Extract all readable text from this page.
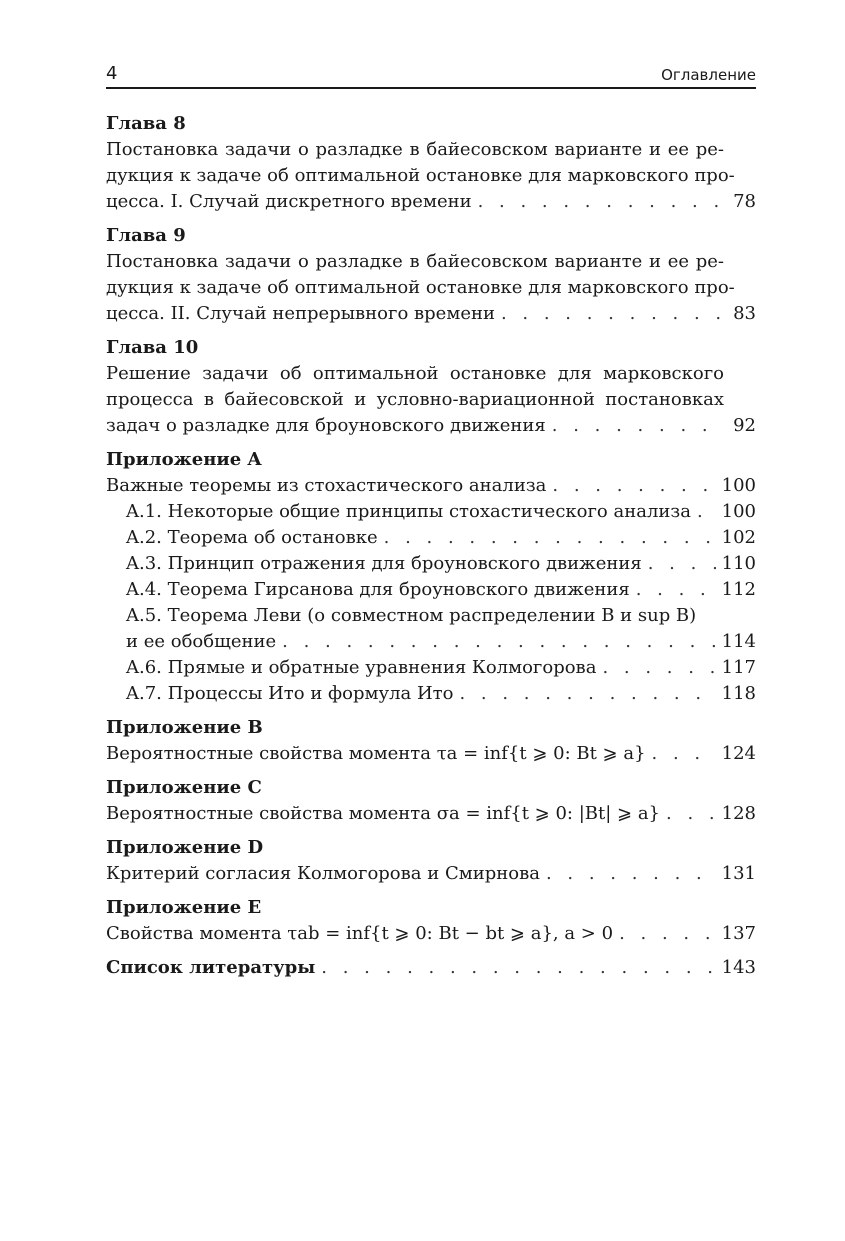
4	Оглавление
Глава 8
Постановка задачи о разладке в байесовском варианте и ее ре-
дукция к задаче об оптимальной остановке для марковского про-
цесса. I. Случай дискретного времени . . .	78
Глава 9
Постановка задачи о разладке в байесовском варианте и ее ре-
дукция к задаче об оптимальной остановке для марковского про-
цесса. II. Случай непрерывного времени . . .	83
Глава 10
Решение задачи об оптимальной остановке для марковского
процесса в байесовской и условно-вариационной постановках
задач о разладке для броуновского движения . . .	92
Приложение A
Важные теоремы из стохастического анализа . . .	100
A.1. Некоторые общие принципы стохастического анализа . . . 100
A.2. Теорема об остановке . . .	102
A.3. Принцип отражения для броуновского движения . . .	110
A.4. Теорема Гирсанова для броуновского движения . . .	112
A.5. Теорема Леви (о совместном распределении B и sup B)
и ее обобщение . . .	114
A.6. Прямые и обратные уравнения Колмогорова . . .	117
A.7. Процессы Ито и формула Ито . . .	118
Приложение B
Вероятностные свойства момента τa = inf{t ⩾ 0: Bt ⩾ a} . . .	124
Приложение C
Вероятностные свойства момента σa = inf{t ⩾ 0: |Bt| ⩾ a} . . .	128
Приложение D
Критерий согласия Колмогорова и Смирнова . . .	131
Приложение E
Свойства момента τab = inf{t ⩾ 0: Bt − bt ⩾ a}, a > 0 . . .	137
Список литературы . . .	143
